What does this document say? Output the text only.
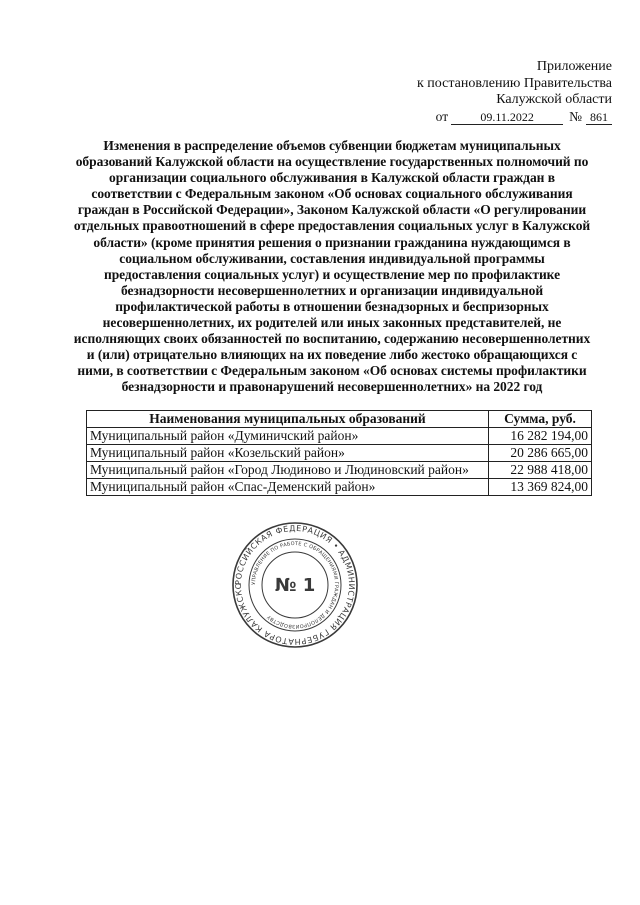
Приложение
к постановлению Правительства
Калужской области
от	09.11.2022	№ 861
Изменения в распределение объемов субвенции бюджетам муниципальных
образований Калужской области на осуществление государственных полномочий по
организации социального обслуживания в Калужской области граждан в
соответствии с Федеральным законом «Об основах социального обслуживания
граждан в Российской Федерации», Законом Калужской области «О регулировании
отдельных правоотношений в сфере предоставления социальных услуг в Калужской
области» (кроме принятия решения о признании гражданина нуждающимся в
социальном обслуживании, составления индивидуальной программы
предоставления социальных услуг) и осуществление мер по профилактике
безнадзорности несовершеннолетних и организации индивидуальной
профилактической работы в отношении безнадзорных и беспризорных
несовершеннолетних, их родителей или иных законных представителей, не
исполняющих своих обязанностей по воспитанию, содержанию несовершеннолетних
и (или) отрицательно влияющих на их поведение либо жестоко обращающихся с
ними, в соответствии с Федеральным законом «Об основах системы профилактики
безнадзорности и правонарушений несовершеннолетних» на 2022 год
Наименования муниципальных образований	Сумма, руб.
Муниципальный район «Думиничский район»	16 282 194,00
Муниципальный район «Козельский район»	20 286 665,00
Муниципальный район «Город Людиново и Людиновский район»	22 988 418,00
Муниципальный район «Спас-Деменский район»	13 369 824,00
РОССИЙСКАЯ ФЕДЕРАЦИЯ • АДМИНИСТРАЦИЯ ГУБЕРНАТОРА КАЛУЖСКО	УПРАВЛЕНИЕ ПО РАБОТЕ С ОБРАЩЕНИЯМИ ГРАЖДАН И ДЕЛОПРОИЗВОДСТВУ
№ 1
